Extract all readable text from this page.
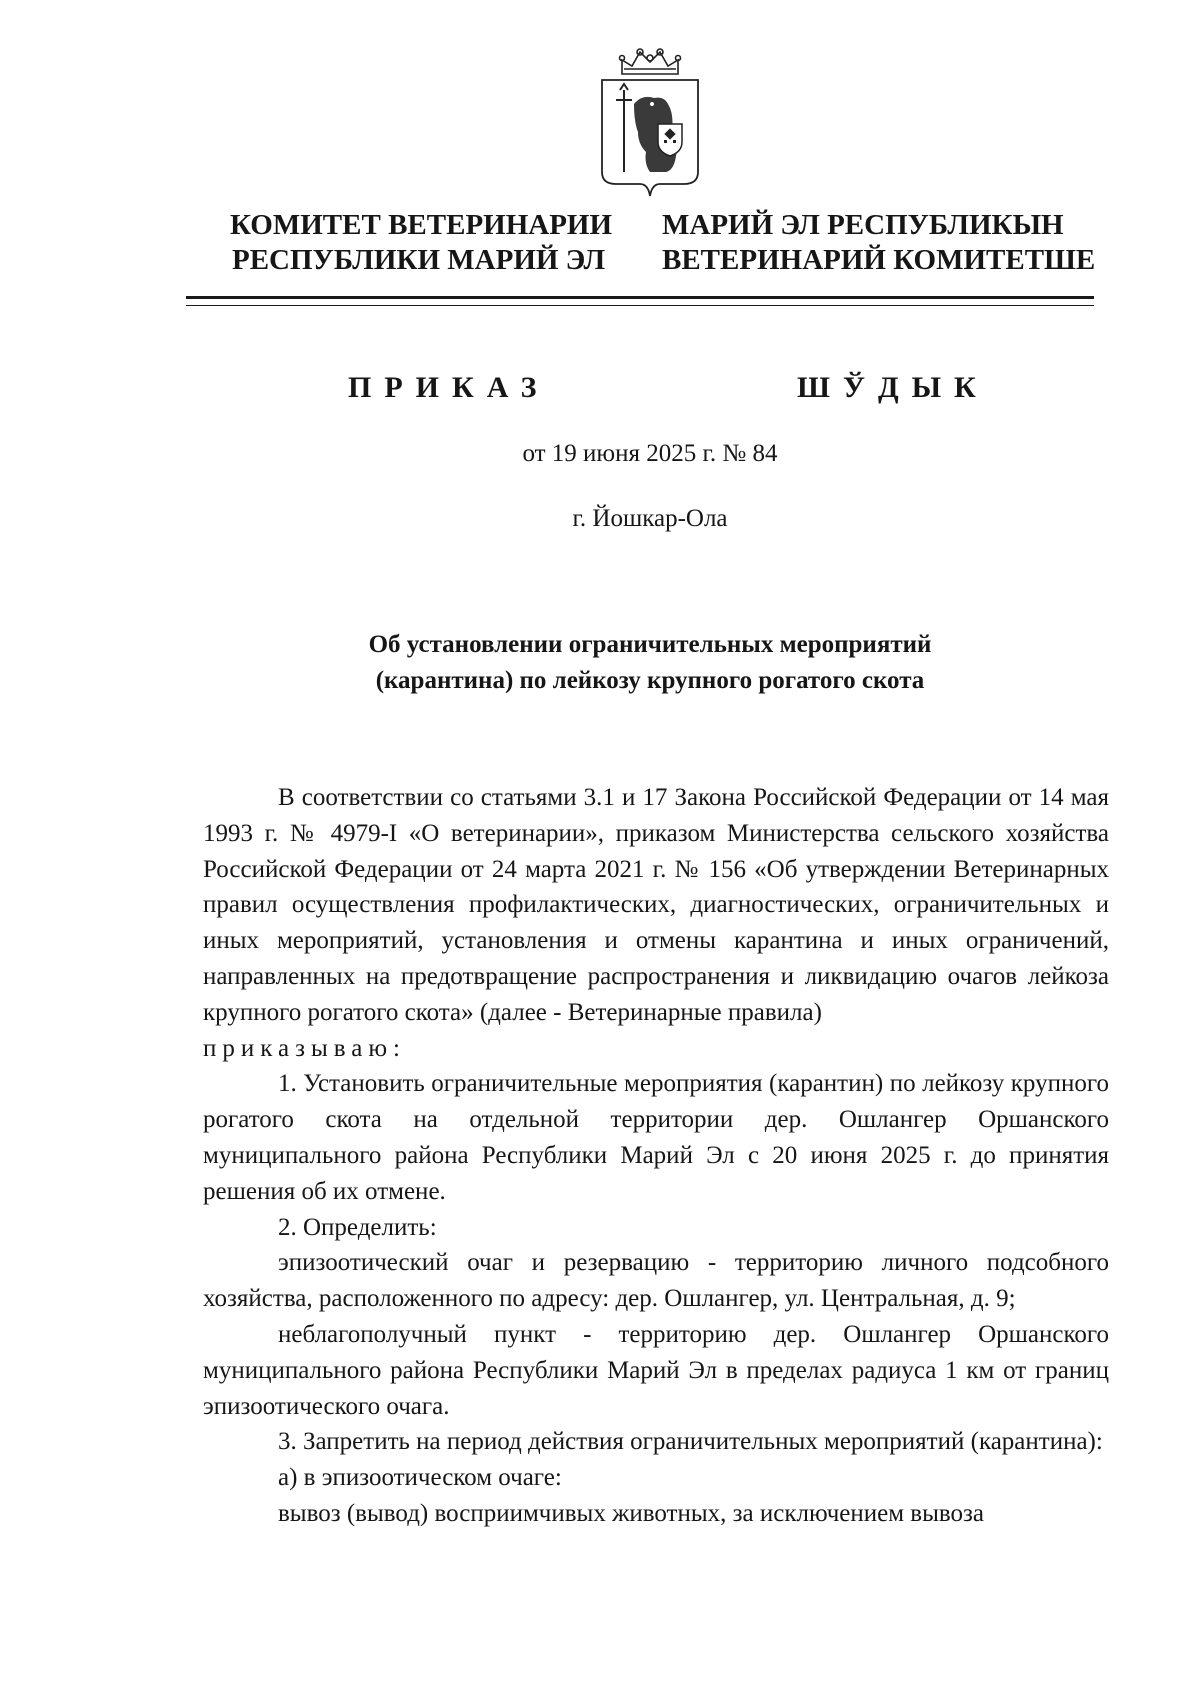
КОМИТЕТ ВЕТЕРИНАРИИ
РЕСПУБЛИКИ МАРИЙ ЭЛ
МАРИЙ ЭЛ РЕСПУБЛИКЫН
ВЕТЕРИНАРИЙ КОМИТЕТШЕ
ПРИКАЗ	ШЎДЫК
от 19 июня 2025 г. № 84
г. Йошкар-Ола
Об установлении ограничительных мероприятий
(карантина) по лейкозу крупного рогатого скота

В соответствии со статьями 3.1 и 17 Закона Российской Федерации от 14 мая 1993 г. № 4979-I «О ветеринарии», приказом Министерства сельского хозяйства Российской Федерации от 24 марта 2021 г. № 156 «Об утверждении Ветеринарных правил осуществления профилактических, диагностических, ограничительных и иных мероприятий, установления и отмены карантина и иных ограничений, направленных на предотвращение распространения и ликвидацию очагов лейкоза крупного рогатого скота» (далее - Ветеринарные правила)

приказываю:

1. Установить ограничительные мероприятия (карантин) по лейкозу крупного рогатого скота на отдельной территории дер. Ошлангер Оршанского муниципального района Республики Марий Эл с 20 июня 2025 г. до принятия решения об их отмене.

2. Определить:

эпизоотический очаг и резервацию - территорию личного подсобного хозяйства, расположенного по адресу: дер. Ошлангер, ул. Центральная, д. 9;

неблагополучный пункт - территорию дер. Ошлангер Оршанского муниципального района Республики Марий Эл в пределах радиуса 1 км от границ эпизоотического очага.

3. Запретить на период действия ограничительных мероприятий (карантина):

а) в эпизоотическом очаге:

вывоз (вывод) восприимчивых животных, за исключением вывоза
